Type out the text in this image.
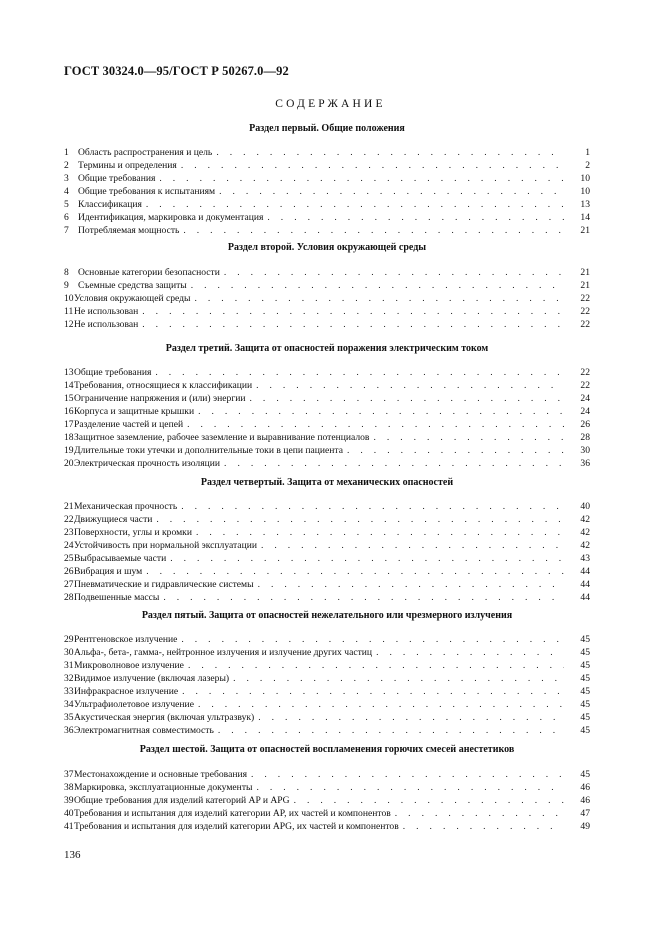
ГОСТ 30324.0—95/ГОСТ Р 50267.0—92
СОДЕРЖАНИЕ
Раздел первый. Общие положения
1 Область распространения и цель . . .	1
2 Термины и определения . . .	2
3 Общие требования . . .	10
4 Общие требования к испытаниям . . .	10
5 Классификация . . .	13
6 Идентификация, маркировка и документация . . .	14
7 Потребляемая мощность . . .	21
Раздел второй. Условия окружающей среды
8 Основные категории безопасности . . .	21
9 Съемные средства защиты . . .	21
10 Условия окружающей среды . . .	22
11 Не использован . . .	22
12 Не использован . . .	22
Раздел третий. Защита от опасностей поражения электрическим током
13 Общие требования . . .	22
14 Требования, относящиеся к классификации . . .	22
15 Ограничение напряжения и (или) энергии . . .	24
16 Корпуса и защитные крышки . . .	24
17 Разделение частей и цепей . . .	26
18 Защитное заземление, рабочее заземление и выравнивание потенциалов . . .	28
19 Длительные токи утечки и дополнительные токи в цепи пациента . . .	30
20 Электрическая прочность изоляции . . .	36
Раздел четвертый. Защита от механических опасностей
21 Механическая прочность . . .	40
22 Движущиеся части . . .	42
23 Поверхности, углы и кромки . . .	42
24 Устойчивость при нормальной эксплуатации . . .	42
25 Выбрасываемые части . . .	43
26 Вибрация и шум . . .	44
27 Пневматические и гидравлические системы . . .	44
28 Подвешенные массы . . .	44
Раздел пятый. Защита от опасностей нежелательного или чрезмерного излучения
29 Рентгеновское излучение . . .	45
30 Альфа-, бета-, гамма-, нейтронное излучения и излучение других частиц . . .	45
31 Микроволновое излучение . . .	45
32 Видимое излучение (включая лазеры) . . .	45
33 Инфракрасное излучение . . .	45
34 Ультрафиолетовое излучение . . .	45
35 Акустическая энергия (включая ультразвук) . . .	45
36 Электромагнитная совместимость . . .	45
Раздел шестой. Защита от опасностей воспламенения горючих смесей анестетиков
37 Местонахождение и основные требования . . .	45
38 Маркировка, эксплуатационные документы . . .	46
39 Общие требования для изделий категорий AP и APG . . .	46
40 Требования и испытания для изделий категории AP, их частей и компонентов . . .	47
41 Требования и испытания для изделий категории APG, их частей и компонентов . . .	49
136
